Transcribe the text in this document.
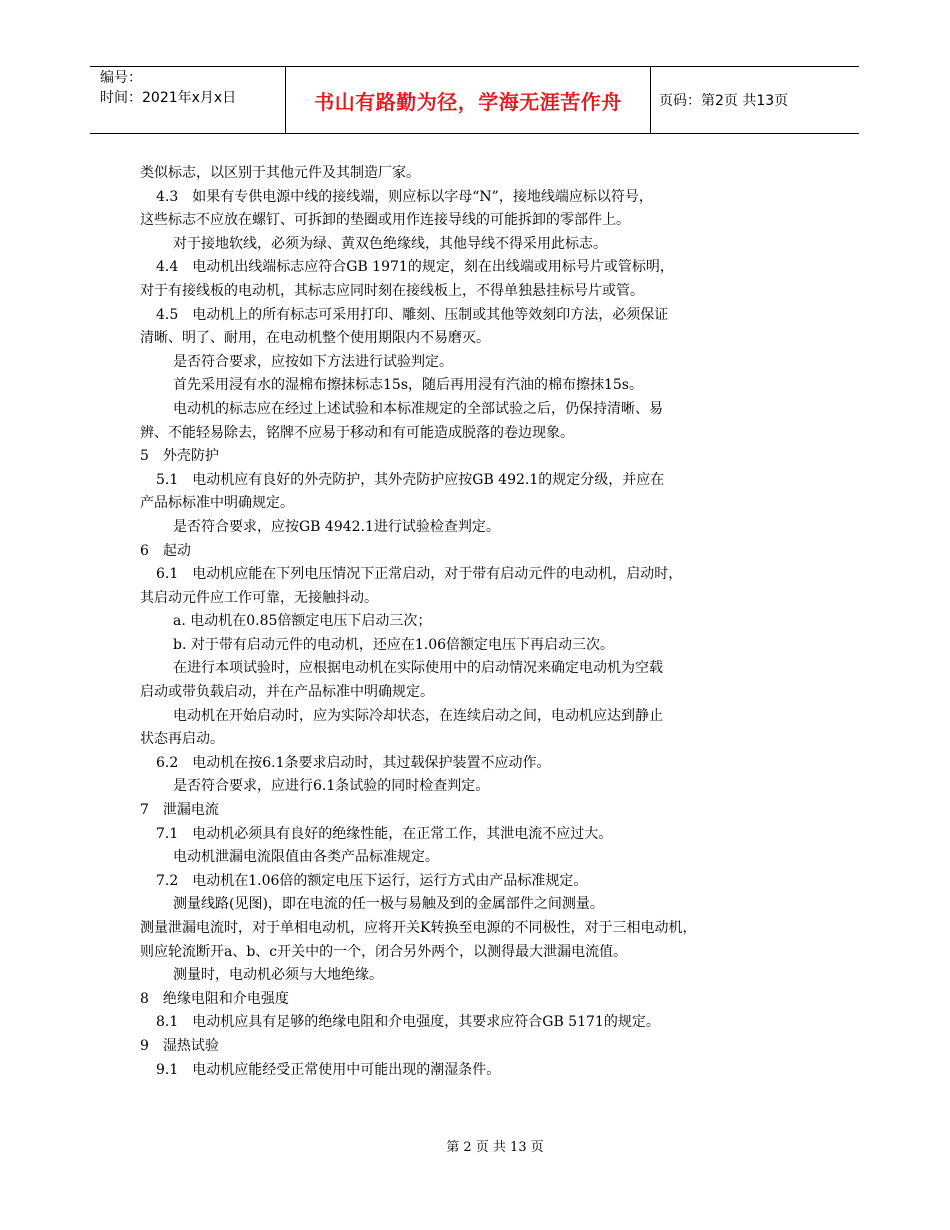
编号：
时间：2021年x月x日	书山有路勤为径，学海无涯苦作舟	页码：第2页 共13页
类似标志，以区别于其他元件及其制造厂家。
4.3　如果有专供电源中线的接线端，则应标以字母“N”，接地线端应标以符号，
这些标志不应放在螺钉、可拆卸的垫圈或用作连接导线的可能拆卸的零部件上。
对于接地软线，必须为绿、黄双色绝缘线，其他导线不得采用此标志。
4.4　电动机出线端标志应符合GB 1971的规定，刻在出线端或用标号片或管标明，
对于有接线板的电动机，其标志应同时刻在接线板上，不得单独悬挂标号片或管。
4.5　电动机上的所有标志可采用打印、雕刻、压制或其他等效刻印方法，必须保证
清晰、明了、耐用，在电动机整个使用期限内不易磨灭。
是否符合要求，应按如下方法进行试验判定。
首先采用浸有水的湿棉布擦抹标志15s，随后再用浸有汽油的棉布擦抹15s。
电动机的标志应在经过上述试验和本标准规定的全部试验之后，仍保持清晰、易
辨、不能轻易除去，铭牌不应易于移动和有可能造成脱落的卷边现象。
5　外壳防护
5.1　电动机应有良好的外壳防护，其外壳防护应按GB 492.1的规定分级，并应在
产品标标准中明确规定。
是否符合要求，应按GB 4942.1进行试验检查判定。
6　起动
6.1　电动机应能在下列电压情况下正常启动，对于带有启动元件的电动机，启动时，
其启动元件应工作可靠，无接触抖动。
a. 电动机在0.85倍额定电压下启动三次；
b. 对于带有启动元件的电动机，还应在1.06倍额定电压下再启动三次。
在进行本项试验时，应根据电动机在实际使用中的启动情况来确定电动机为空载
启动或带负载启动，并在产品标准中明确规定。
电动机在开始启动时，应为实际冷却状态，在连续启动之间，电动机应达到静止
状态再启动。
6.2　电动机在按6.1条要求启动时，其过载保护装置不应动作。
是否符合要求，应进行6.1条试验的同时检查判定。
7　泄漏电流
7.1　电动机必须具有良好的绝缘性能，在正常工作，其泄电流不应过大。
电动机泄漏电流限值由各类产品标准规定。
7.2　电动机在1.06倍的额定电压下运行，运行方式由产品标准规定。
测量线路(见图)，即在电流的任一极与易触及到的金属部件之间测量。
测量泄漏电流时，对于单相电动机，应将开关K转换至电源的不同极性，对于三相电动机，
则应轮流断开a、b、c开关中的一个，闭合另外两个，以测得最大泄漏电流值。
测量时，电动机必须与大地绝缘。
8　绝缘电阻和介电强度
8.1　电动机应具有足够的绝缘电阻和介电强度，其要求应符合GB 5171的规定。
9　湿热试验
9.1　电动机应能经受正常使用中可能出现的潮湿条件。
第 2 页 共 13 页
